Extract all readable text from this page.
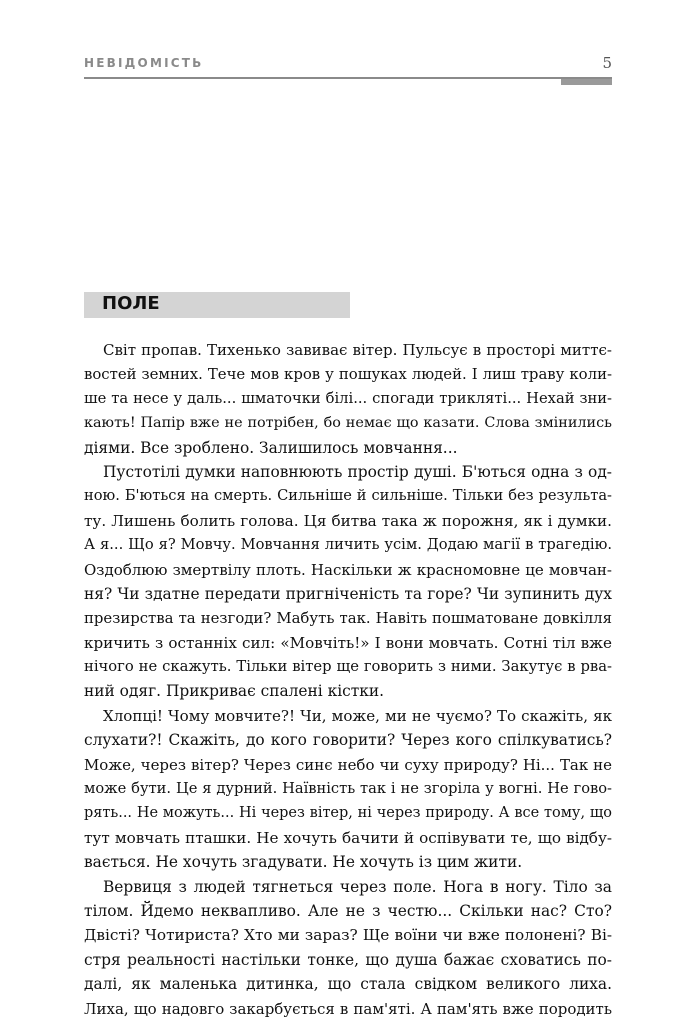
НЕВІДОМІСТЬ	5
ПОЛЕ
Світ пропав. Тихенько завиває вітер. Пульсує в просторі миттє-
востей земних. Тече мов кров у пошуках людей. І лиш траву коли-
ше та несе у даль... шматочки білі... спогади трикляті... Нехай зни-
кають! Папір вже не потрібен, бо немає що казати. Слова змінились
діями. Все зроблено. Залишилось мовчання...
Пустотілі думки наповнюють простір душі. Б'ються одна з од-
ною. Б'ються на смерть. Сильніше й сильніше. Тільки без результа-
ту. Лишень болить голова. Ця битва така ж порожня, як і думки.
А я... Що я? Мовчу. Мовчання личить усім. Додаю магії в трагедію.
Оздоблюю змертвілу плоть. Наскільки ж красномовне це мовчан-
ня? Чи здатне передати пригніченість та горе? Чи зупинить дух
презирства та незгоди? Мабуть так. Навіть пошматоване довкілля
кричить з останніх сил: «Мовчіть!» І вони мовчать. Сотні тіл вже
нічого не скажуть. Тільки вітер ще говорить з ними. Закутує в рва-
ний одяг. Прикриває спалені кістки.
Хлопці! Чому мовчите?! Чи, може, ми не чуємо? То скажіть, як
слухати?! Скажіть, до кого говорити? Через кого спілкуватись?
Може, через вітер? Через синє небо чи суху природу? Ні... Так не
може бути. Це я дурний. Наївність так і не згоріла у вогні. Не гово-
рять... Не можуть... Ні через вітер, ні через природу. А все тому, що
тут мовчать пташки. Не хочуть бачити й оспівувати те, що відбу-
вається. Не хочуть згадувати. Не хочуть із цим жити.
Вервиця з людей тягнеться через поле. Нога в ногу. Тіло за
тілом. Йдемо неквапливо. Але не з честю... Скільки нас? Сто?
Двісті? Чотириста? Хто ми зараз? Ще воїни чи вже полонені? Ві-
стря реальності настільки тонке, що душа бажає сховатись по-
далі, як маленька дитинка, що стала свідком великого лиха.
Лиха, що надовго закарбується в пам'яті. А пам'ять вже породить
